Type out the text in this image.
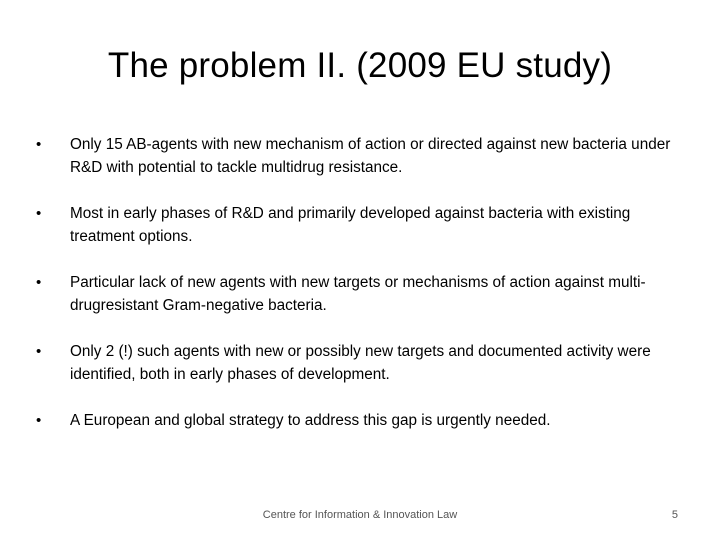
The problem II. (2009 EU study)
• Only 15 AB-agents with new mechanism of action or directed against new bacteria under R&D with potential to tackle multidrug resistance.
• Most in early phases of R&D and primarily developed against bacteria with existing treatment options.
• Particular lack of new agents with new targets or mechanisms of action against multi-drugresistant Gram-negative bacteria.
• Only 2 (!) such agents with new or possibly new targets and documented activity were identified, both in early phases of development.
• A European and global strategy to address this gap is urgently needed.
Centre for Information & Innovation Law	5
